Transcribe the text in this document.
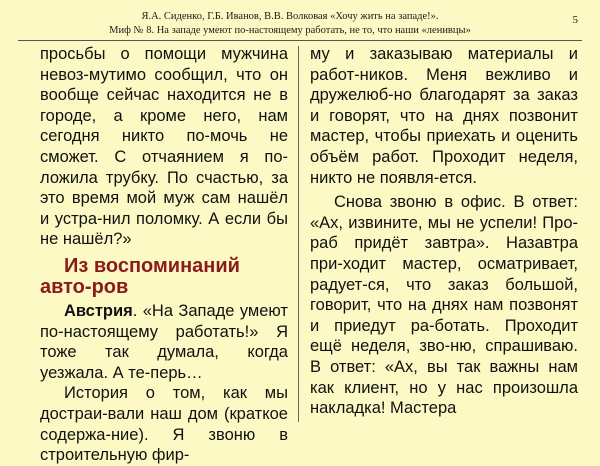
Я.А. Сиденко, Г.Б. Иванов, В.В. Волковая «Хочу жить на западе!».
Миф № 8. На западе умеют по-настоящему работать, не то, что наши «ленивцы»
5

просьбы о помощи мужчина невоз-мутимо сообщил, что он вообще сейчас находится не в городе, а кроме него, нам сегодня никто по-мочь не сможет. С отчаянием я по-ложила трубку. По счастью, за это время мой муж сам нашёл и устра-нил поломку. А если бы не нашёл?»

Из воспоминаний авто-ров

Австрия. «На Западе умеют по-настоящему работать!» Я тоже так думала, когда уезжала. А те-перь…

История о том, как мы достраи-вали наш дом (краткое содержа-ние). Я звоню в строительную фир-

му и заказываю материалы и работ-ников. Меня вежливо и дружелюб-но благодарят за заказ и говорят, что на днях позвонит мастер, чтобы приехать и оценить объём работ. Проходит неделя, никто не появля-ется.

Снова звоню в офис. В ответ: «Ах, извините, мы не успели! Про-раб придёт завтра». Назавтра при-ходит мастер, осматривает, радует-ся, что заказ большой, говорит, что на днях нам позвонят и приедут ра-ботать. Проходит ещё неделя, зво-ню, спрашиваю. В ответ: «Ах, вы так важны нам как клиент, но у нас произошла накладка! Мастера
